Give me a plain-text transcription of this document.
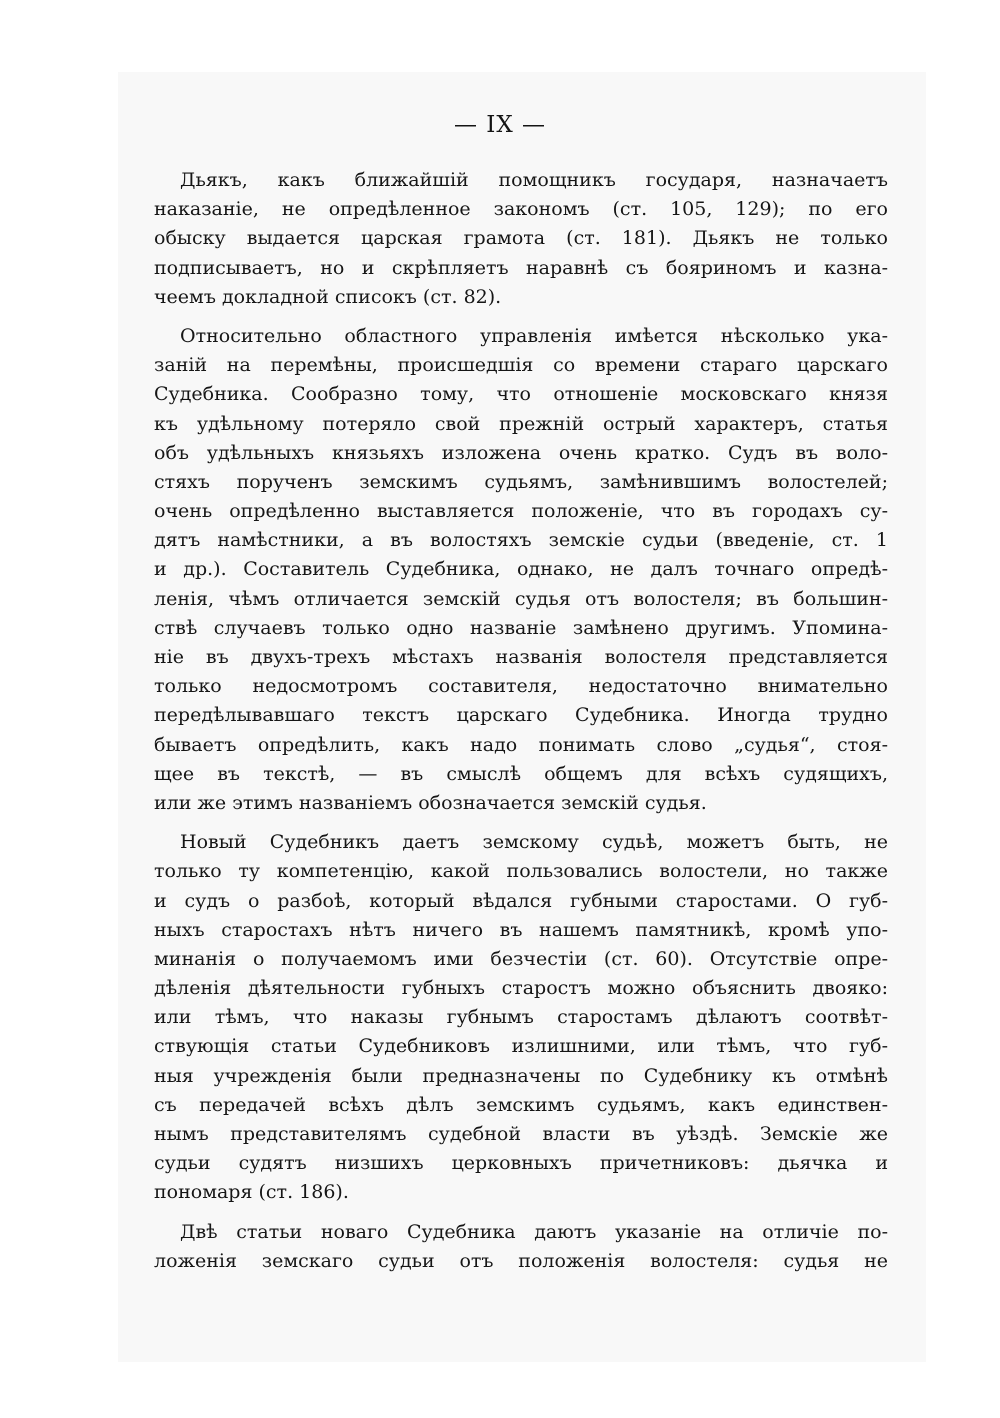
— IX —
Дьякъ, какъ ближайшій помощникъ государя, назначаетъ
наказаніе, не опредѣленное закономъ (ст. 105, 129); по его
обыску выдается царская грамота (ст. 181). Дьякъ не только
подписываетъ, но и скрѣпляетъ наравнѣ съ бояриномъ и казна-
чеемъ докладной списокъ (ст. 82).
Относительно областного управленія имѣется нѣсколько ука-
заній на перемѣны, происшедшія со времени стараго царскаго
Судебника. Сообразно тому, что отношеніе московскаго князя
къ удѣльному потеряло свой прежній острый характеръ, статья
объ удѣльныхъ князьяхъ изложена очень кратко. Судъ въ воло-
стяхъ порученъ земскимъ судьямъ, замѣнившимъ волостелей;
очень опредѣленно выставляется положеніе, что въ городахъ су-
дятъ намѣстники, а въ волостяхъ земскіе судьи (введеніе, ст. 1
и др.). Составитель Судебника, однако, не далъ точнаго опредѣ-
ленія, чѣмъ отличается земскій судья отъ волостеля; въ большин-
ствѣ случаевъ только одно названіе замѣнено другимъ. Упомина-
ніе въ двухъ-трехъ мѣстахъ названія волостеля представляется
только недосмотромъ составителя, недостаточно внимательно
передѣлывавшаго текстъ царскаго Судебника. Иногда трудно
бываетъ опредѣлить, какъ надо понимать слово „судья“, стоя-
щее въ текстѣ, — въ смыслѣ общемъ для всѣхъ судящихъ,
или же этимъ названіемъ обозначается земскій судья.
Новый Судебникъ даетъ земскому судьѣ, можетъ быть, не
только ту компетенцію, какой пользовались волостели, но также
и судъ о разбоѣ, который вѣдался губными старостами. О губ-
ныхъ старостахъ нѣтъ ничего въ нашемъ памятникѣ, кромѣ упо-
минанія о получаемомъ ими безчестіи (ст. 60). Отсутствіе опре-
дѣленія дѣятельности губныхъ старостъ можно объяснить двояко:
или тѣмъ, что наказы губнымъ старостамъ дѣлаютъ соотвѣт-
ствующія статьи Судебниковъ излишними, или тѣмъ, что губ-
ныя учрежденія были предназначены по Судебнику къ отмѣнѣ
съ передачей всѣхъ дѣлъ земскимъ судьямъ, какъ единствен-
нымъ представителямъ судебной власти въ уѣздѣ. Земскіе же
судьи судятъ низшихъ церковныхъ причетниковъ: дьячка и
пономаря (ст. 186).
Двѣ статьи новаго Судебника даютъ указаніе на отличіе по-
ложенія земскаго судьи отъ положенія волостеля: судья не
